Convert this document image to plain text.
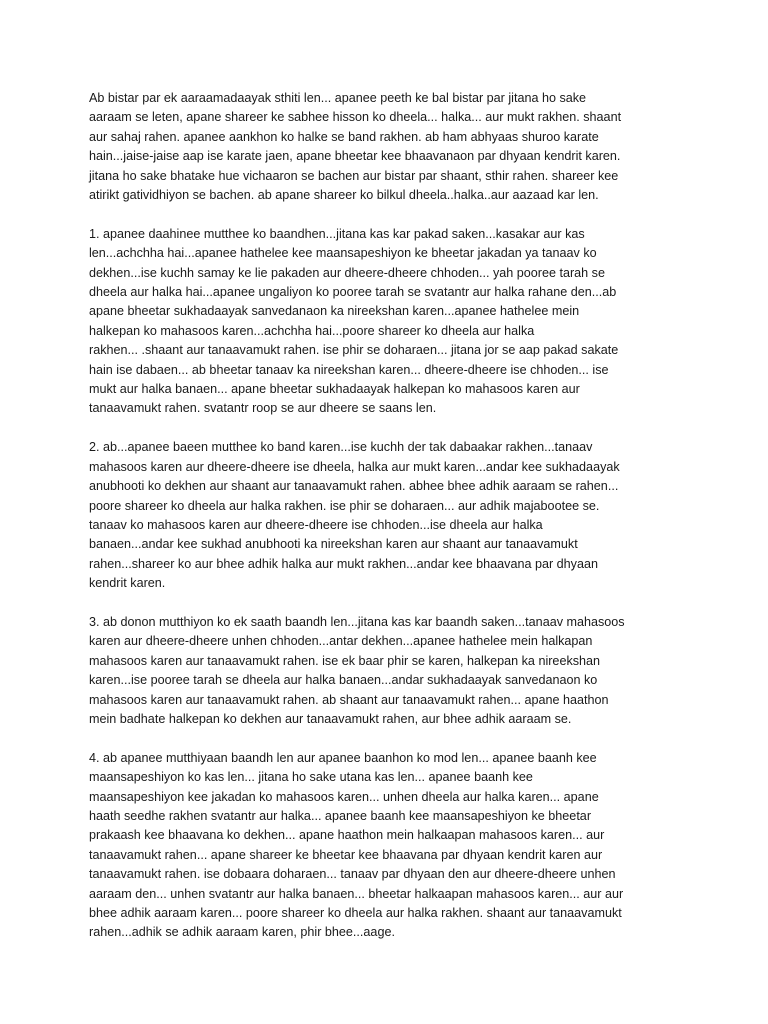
Ab bistar par ek aaraamadaayak sthiti len... apanee peeth ke bal bistar par jitana ho sake
aaraam se leten, apane shareer ke sabhee hisson ko dheela... halka... aur mukt rakhen. shaant
aur sahaj rahen. apanee aankhon ko halke se band rakhen. ab ham abhyaas shuroo karate
hain...jaise-jaise aap ise karate jaen, apane bheetar kee bhaavanaon par dhyaan kendrit karen.
jitana ho sake bhatake hue vichaaron se bachen aur bistar par shaant, sthir rahen. shareer kee
atirikt gatividhiyon se bachen. ab apane shareer ko bilkul dheela..halka..aur aazaad kar len.

1. apanee daahinee mutthee ko baandhen...jitana kas kar pakad saken...kasakar aur kas
len...achchha hai...apanee hathelee kee maansapeshiyon ke bheetar jakadan ya tanaav ko
dekhen...ise kuchh samay ke lie pakaden aur dheere-dheere chhoden... yah pooree tarah se
dheela aur halka hai...apanee ungaliyon ko pooree tarah se svatantr aur halka rahane den...ab
apane bheetar sukhadaayak sanvedanaon ka nireekshan karen...apanee hathelee mein
halkepan ko mahasoos karen...achchha hai...poore shareer ko dheela aur halka
rakhen... .shaant aur tanaavamukt rahen. ise phir se doharaen... jitana jor se aap pakad sakate
hain ise dabaen... ab bheetar tanaav ka nireekshan karen... dheere-dheere ise chhoden... ise
mukt aur halka banaen... apane bheetar sukhadaayak halkepan ko mahasoos karen aur
tanaavamukt rahen. svatantr roop se aur dheere se saans len.

2. ab...apanee baeen mutthee ko band karen...ise kuchh der tak dabaakar rakhen...tanaav
mahasoos karen aur dheere-dheere ise dheela, halka aur mukt karen...andar kee sukhadaayak
anubhooti ko dekhen aur shaant aur tanaavamukt rahen. abhee bhee adhik aaraam se rahen...
poore shareer ko dheela aur halka rakhen. ise phir se doharaen... aur adhik majabootee se.
tanaav ko mahasoos karen aur dheere-dheere ise chhoden...ise dheela aur halka
banaen...andar kee sukhad anubhooti ka nireekshan karen aur shaant aur tanaavamukt
rahen...shareer ko aur bhee adhik halka aur mukt rakhen...andar kee bhaavana par dhyaan
kendrit karen.

3. ab donon mutthiyon ko ek saath baandh len...jitana kas kar baandh saken...tanaav mahasoos
karen aur dheere-dheere unhen chhoden...antar dekhen...apanee hathelee mein halkapan
mahasoos karen aur tanaavamukt rahen. ise ek baar phir se karen, halkepan ka nireekshan
karen...ise pooree tarah se dheela aur halka banaen...andar sukhadaayak sanvedanaon ko
mahasoos karen aur tanaavamukt rahen. ab shaant aur tanaavamukt rahen... apane haathon
mein badhate halkepan ko dekhen aur tanaavamukt rahen, aur bhee adhik aaraam se.

4. ab apanee mutthiyaan baandh len aur apanee baanhon ko mod len... apanee baanh kee
maansapeshiyon ko kas len... jitana ho sake utana kas len... apanee baanh kee
maansapeshiyon kee jakadan ko mahasoos karen... unhen dheela aur halka karen... apane
haath seedhe rakhen svatantr aur halka... apanee baanh kee maansapeshiyon ke bheetar
prakaash kee bhaavana ko dekhen... apane haathon mein halkaapan mahasoos karen... aur
tanaavamukt rahen... apane shareer ke bheetar kee bhaavana par dhyaan kendrit karen aur
tanaavamukt rahen. ise dobaara doharaen... tanaav par dhyaan den aur dheere-dheere unhen
aaraam den... unhen svatantr aur halka banaen... bheetar halkaapan mahasoos karen... aur aur
bhee adhik aaraam karen... poore shareer ko dheela aur halka rakhen. shaant aur tanaavamukt
rahen...adhik se adhik aaraam karen, phir bhee...aage.
